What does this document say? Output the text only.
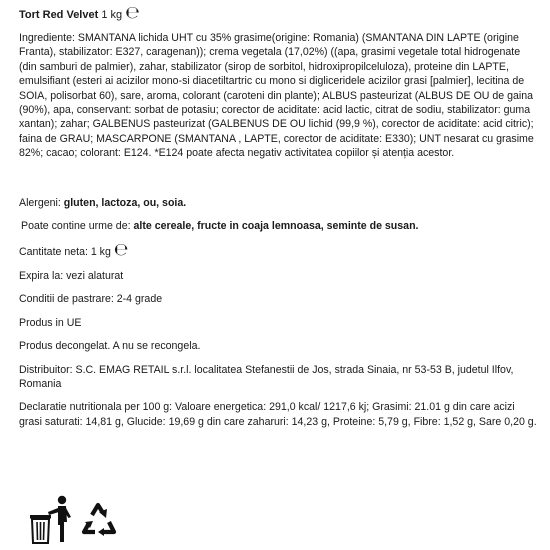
Tort Red Velvet 1 kg ℮

Ingrediente: SMANTANA lichida UHT cu 35% grasime(origine: Romania) (SMANTANA DIN LAPTE (origine Franta), stabilizator: E327, caragenan)); crema vegetala (17,02%) ((apa, grasimi vegetale total hidrogenate (din samburi de palmier), zahar, stabilizator (sirop de sorbitol, hidroxipropilceluloza), proteine din LAPTE, emulsifiant (esteri ai acizilor mono-si diacetiltartric cu mono si digliceridele acizilor grasi [palmier], lecitina de SOIA, polisorbat 60), sare, aroma, colorant (caroteni din plante); ALBUS pasteurizat (ALBUS DE OU de gaina (90%), apa, conservant: sorbat de potasiu; corector de aciditate: acid lactic, citrat de sodiu, stabilizator: guma xantan); zahar; GALBENUS pasteurizat (GALBENUS DE OU lichid (99,9 %), corector de aciditate: acid citric); faina de GRAU; MASCARPONE (SMANTANA , LAPTE, corector de aciditate: E330); UNT nesarat cu grasime 82%; cacao; colorant: E124. *E124 poate afecta negativ activitatea copiilor și atenția acestor.

Alergeni: gluten, lactoza, ou, soia.

Poate contine urme de: alte cereale, fructe in coaja lemnoasa, seminte de susan.

Cantitate neta: 1 kg ℮

Expira la: vezi alaturat

Conditii de pastrare: 2-4 grade

Produs in UE

Produs decongelat. A nu se recongela.

Distribuitor: S.C. EMAG RETAIL s.r.l. localitatea Stefanestii de Jos, strada Sinaia, nr 53-53 B, judetul Ilfov, Romania

Declaratie nutritionala per 100 g: Valoare energetica: 291,0 kcal/ 1217,6 kj; Grasimi: 21.01 g din care acizi grasi saturati: 14,81 g, Glucide: 19,69 g din care zaharuri: 14,23 g, Proteine: 5,79 g, Fibre: 1,52 g, Sare 0,20 g.
